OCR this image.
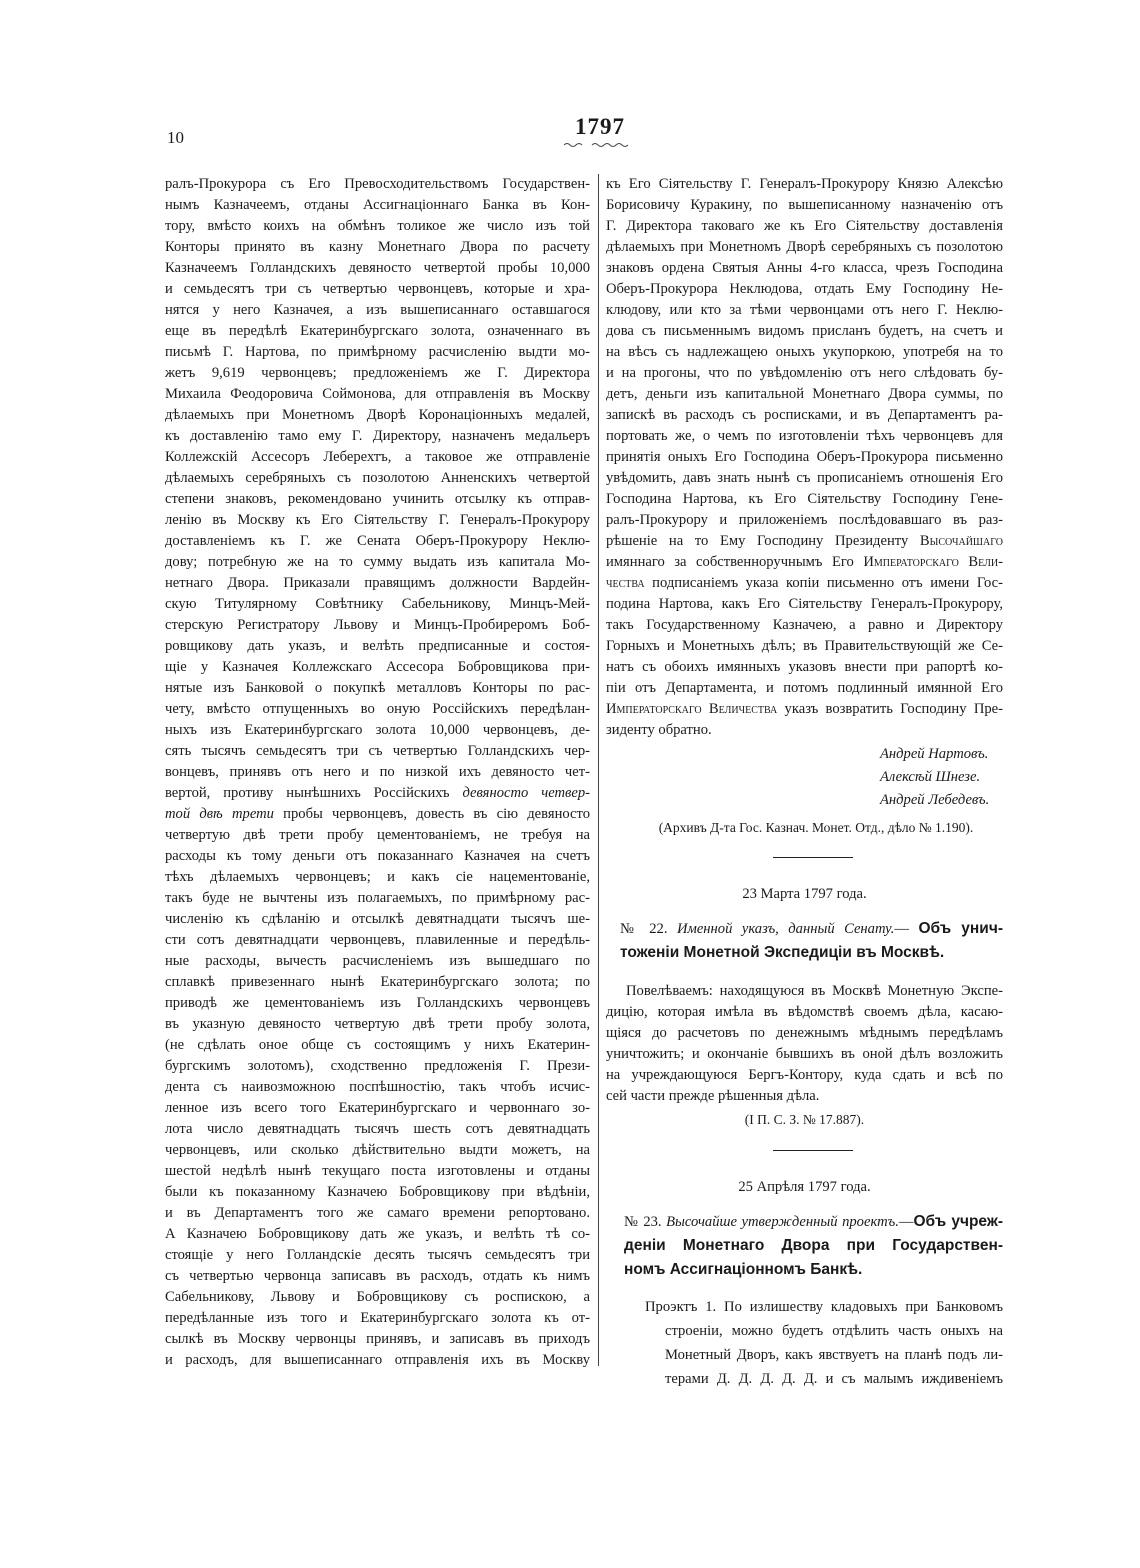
10	1797
ралъ-Прокурора съ Его Превосходительствомъ Государствен-
нымъ Казначеемъ, отданы Ассигнаціоннаго Банка въ Кон-
тору, вмѣсто коихъ на обмѣнъ толикое же число изъ той
Конторы принято въ казну Монетнаго Двора по расчету
Казначеемъ Голландскихъ девяносто четвертой пробы 10,000
и семьдесятъ три съ четвертью червонцевъ, которые и хра-
нятся у него Казначея, а изъ вышеписаннаго оставшагося
еще въ передѣлѣ Екатеринбургскаго золота, означеннаго въ
письмѣ Г. Нартова, по примѣрному расчисленію выдти мо-
жетъ 9,619 червонцевъ; предложеніемъ же Г. Директора
Михаила Феодоровича Соймонова, для отправленія въ Москву
дѣлаемыхъ при Монетномъ Дворѣ Коронаціонныхъ медалей,
къ доставленію тамо ему Г. Директору, назначенъ медальеръ
Коллежскій Ассесоръ Леберехтъ, а таковое же отправленіе
дѣлаемыхъ серебряныхъ съ позолотою Анненскихъ четвертой
степени знаковъ, рекомендовано учинить отсылку къ отправ-
ленію въ Москву къ Его Сіятельству Г. Генералъ-Прокурору
доставленіемъ къ Г. же Сената Оберъ-Прокурору Неклю-
дову; потребную же на то сумму выдать изъ капитала Мо-
нетнаго Двора. Приказали правящимъ должности Вардейн-
скую Титулярному Совѣтнику Сабельникову, Минцъ-Мей-
стерскую Регистратору Львову и Минцъ-Пробиреромъ Боб-
ровщикову дать указъ, и велѣть предписанные и состоя-
щіе у Казначея Коллежскаго Ассесора Бобровщикова при-
нятые изъ Банковой о покупкѣ металловъ Конторы по рас-
чету, вмѣсто отпущенныхъ во оную Россійскихъ передѣлан-
ныхъ изъ Екатеринбургскаго золота 10,000 червонцевъ, де-
сять тысячъ семьдесятъ три съ четвертью Голландскихъ чер-
вонцевъ, принявъ отъ него и по низкой ихъ девяносто чет-
вертой, противу нынѣшнихъ Россійскихъ девяносто четвер-
той двѣ трети пробы червонцевъ, довесть въ сію девяносто
четвертую двѣ трети пробу цементованіемъ, не требуя на
расходы къ тому деньги отъ показаннаго Казначея на счетъ
тѣхъ дѣлаемыхъ червонцевъ; и какъ сіе нацементованіе,
такъ буде не вычтены изъ полагаемыхъ, по примѣрному рас-
численію къ сдѣланію и отсылкѣ девятнадцати тысячъ ше-
сти сотъ девятнадцати червонцевъ, плавиленные и передѣль-
ные расходы, вычесть расчисленіемъ изъ вышедшаго по
сплавкѣ привезеннаго нынѣ Екатеринбургскаго золота; по
приводѣ же цементованіемъ изъ Голландскихъ червонцевъ
въ указную девяносто четвертую двѣ трети пробу золота,
(не сдѣлать оное обще съ состоящимъ у нихъ Екатерин-
бургскимъ золотомъ), сходственно предложенія Г. Прези-
дента съ наивозможною поспѣшностію, такъ чтобъ исчис-
ленное изъ всего того Екатеринбургскаго и червоннаго зо-
лота число девятнадцать тысячъ шесть сотъ девятнадцать
червонцевъ, или сколько дѣйствительно выдти можетъ, на
шестой недѣлѣ нынѣ текущаго поста изготовлены и отданы
были къ показанному Казначею Бобровщикову при вѣдѣніи,
и въ Департаментъ того же самаго времени репортовано.
А Казначею Бобровщикову дать же указъ, и велѣть тѣ со-
стоящіе у него Голландскіе десять тысячъ семьдесятъ три
съ четвертью червонца записавъ въ расходъ, отдать къ нимъ
Сабельникову, Львову и Бобровщикову съ роспискою, а
передѣланные изъ того и Екатеринбургскаго золота къ от-
сылкѣ въ Москву червонцы принявъ, и записавъ въ приходъ
и расходъ, для вышеписаннаго отправленія ихъ въ Москву
къ Его Сіятельству Г. Генералъ-Прокурору Князю Алексѣю
Борисовичу Куракину, по вышеписанному назначенію отъ
Г. Директора таковаго же къ Его Сіятельству доставленія
дѣлаемыхъ при Монетномъ Дворѣ серебряныхъ съ позолотою
знаковъ ордена Святыя Анны 4-го класса, чрезъ Господина
Оберъ-Прокурора Неклюдова, отдать Ему Господину Не-
клюдову, или кто за тѣми червонцами отъ него Г. Неклю-
дова съ письменнымъ видомъ присланъ будетъ, на счетъ и
на вѣсъ съ надлежащею оныхъ укупоркою, употребя на то
и на прогоны, что по увѣдомленію отъ него слѣдовать бу-
детъ, деньги изъ капитальной Монетнаго Двора суммы, по
запискѣ въ расходъ съ росписками, и въ Департаментъ ра-
портовать же, о чемъ по изготовленіи тѣхъ червонцевъ для
принятія оныхъ Его Господина Оберъ-Прокурора письменно
увѣдомить, давъ знать нынѣ съ прописаніемъ отношенія Его
Господина Нартова, къ Его Сіятельству Господину Гене-
ралъ-Прокурору и приложеніемъ послѣдовавшаго въ раз-
рѣшеніе на то Ему Господину Президенту Высочайшаго
имяннаго за собственноручнымъ Его Императорскаго Вели-
чества подписаніемъ указа копіи письменно отъ имени Гос-
подина Нартова, какъ Его Сіятельству Генералъ-Прокурору,
такъ Государственному Казначею, а равно и Директору
Горныхъ и Монетныхъ дѣлъ; въ Правительствующій же Се-
натъ съ обоихъ имянныхъ указовъ внести при рапортѣ ко-
піи отъ Департамента, и потомъ подлинный имянной Его
Императорскаго Величества указъ возвратить Господину Пре-
зиденту обратно.
Андрей Нартовъ.
Алексѣй Шнезе.
Андрей Лебедевъ.
(Архивъ Д-та Гос. Казнач. Монет. Отд., дѣло № 1.190).
23 Марта 1797 года.
№ 22. Именной указъ, данный Сенату.— Объ унич-
тоженіи Монетной Экспедиціи въ Москвѣ.
Повелѣваемъ: находящуюся въ Москвѣ Монетную Экспе-
дицію, которая имѣла въ вѣдомствѣ своемъ дѣла, касаю-
щіяся до расчетовъ по денежнымъ мѣднымъ передѣламъ
уничтожить; и окончаніе бывшихъ въ оной дѣлъ возложить
на учреждающуюся Бергъ-Контору, куда сдать и всѣ по
сей части прежде рѣшенныя дѣла.
(I П. С. З. № 17.887).
25 Апрѣля 1797 года.
№ 23. Высочайше утвержденный проектъ.—Объ учреж-
деніи Монетнаго Двора при Государствен-
номъ Ассигнаціонномъ Банкѣ.
Проэктъ 1. По излишеству кладовыхъ при Банковомъ
строеніи, можно будетъ отдѣлить часть оныхъ на
Монетный Дворъ, какъ явствуетъ на планѣ подъ ли-
терами Д. Д. Д. Д. Д. и съ малымъ иждивеніемъ
